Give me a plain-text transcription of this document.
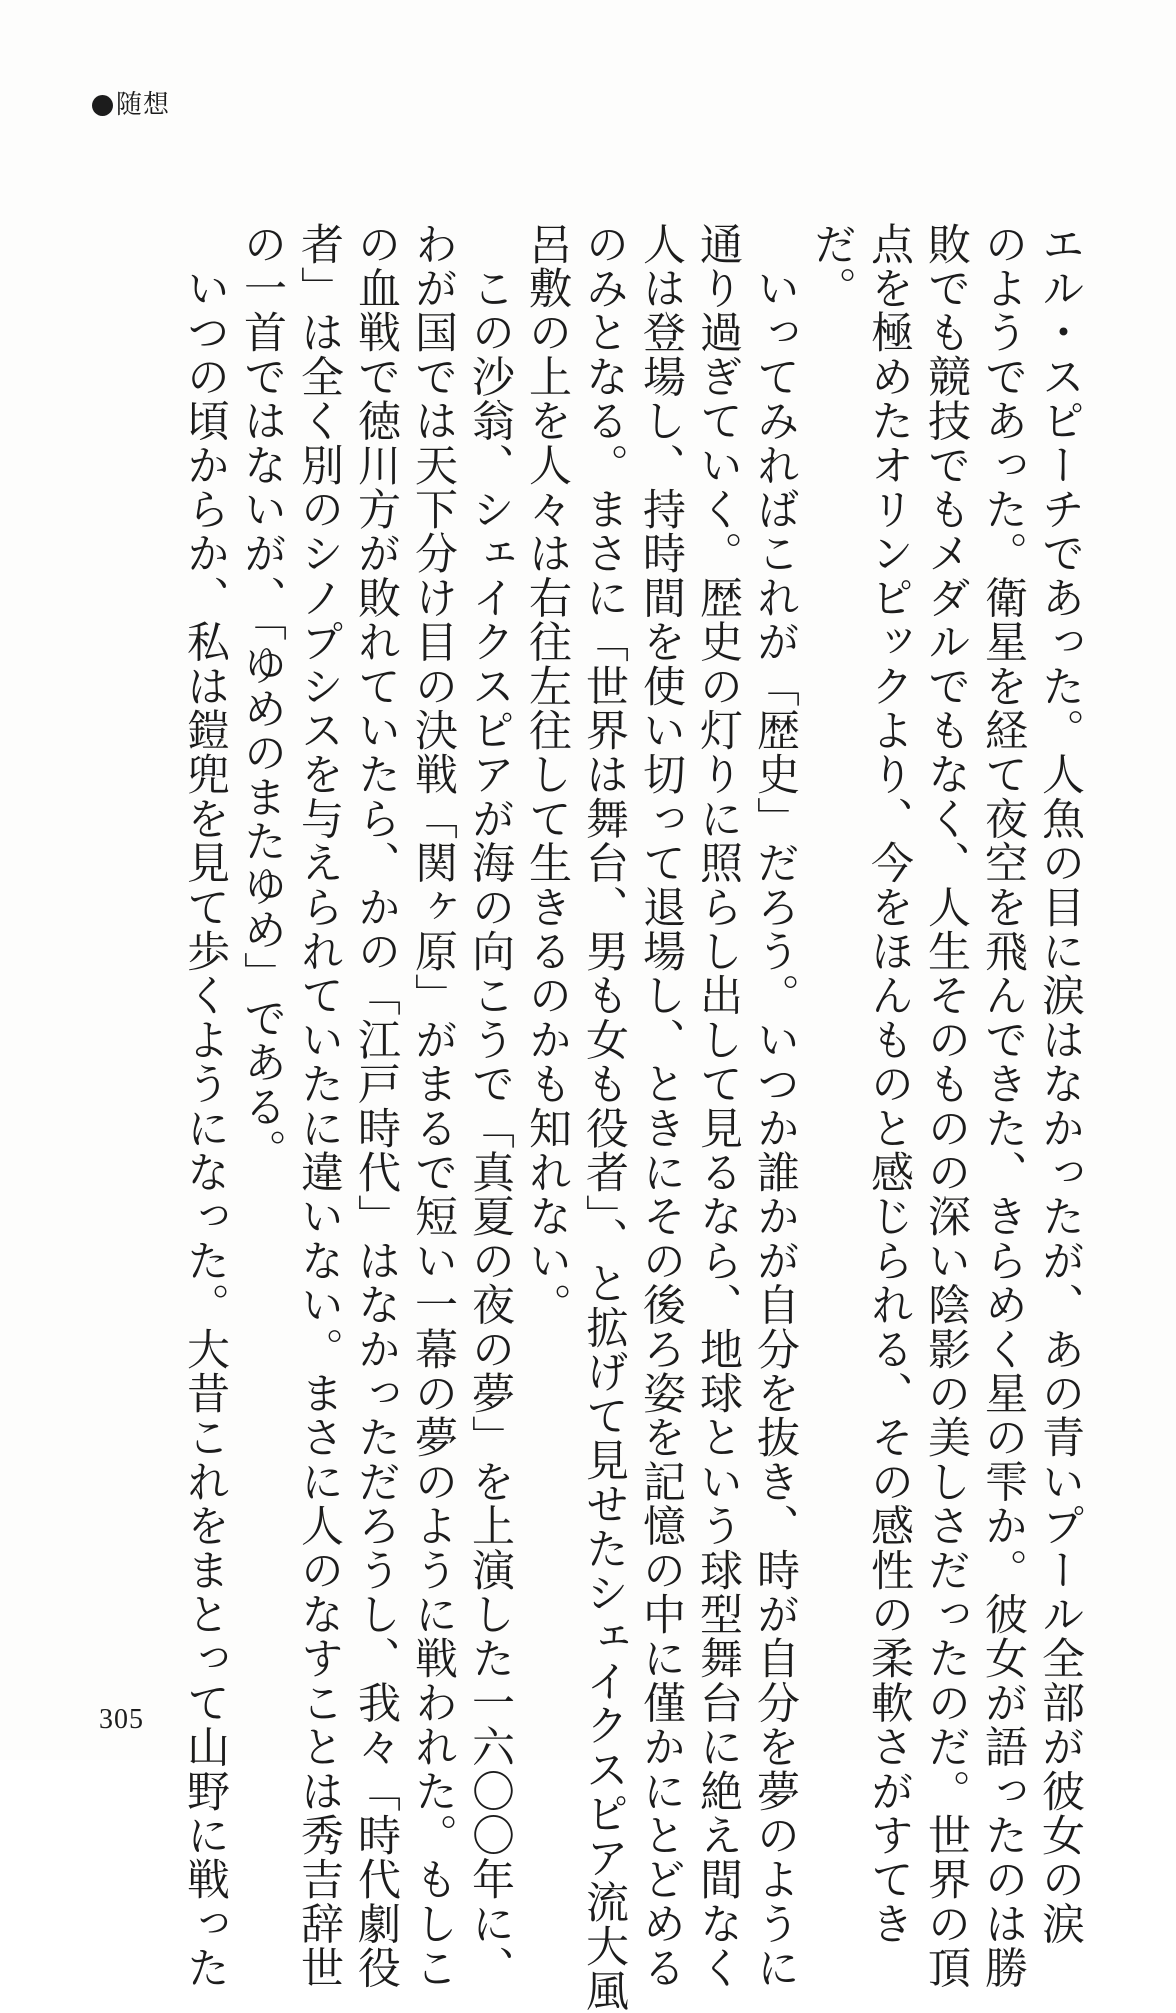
随想
エル・スピーチであった。人魚の目に涙はなかったが、あの青いプール全部が彼女の涙
のようであった。衛星を経て夜空を飛んできた、きらめく星の雫か。彼女が語ったのは勝
敗でも競技でもメダルでもなく、人生そのものの深い陰影の美しさだったのだ。世界の頂
点を極めたオリンピックより、今をほんものと感じられる、その感性の柔軟さがすてき
だ。
　いってみればこれが「歴史」だろう。いつか誰かが自分を抜き、時が自分を夢のように
通り過ぎていく。歴史の灯りに照らし出して見るなら、地球という球型舞台に絶え間なく
人は登場し、持時間を使い切って退場し、ときにその後ろ姿を記憶の中に僅かにとどめる
のみとなる。まさに「世界は舞台、男も女も役者」、と拡げて見せたシェイクスピア流大風
呂敷の上を人々は右往左往して生きるのかも知れない。
　この沙翁、シェイクスピアが海の向こうで「真夏の夜の夢」を上演した一六〇〇年に、
わが国では天下分け目の決戦「関ヶ原」がまるで短い一幕の夢のように戦われた。もしこ
の血戦で徳川方が敗れていたら、かの「江戸時代」はなかっただろうし、我々「時代劇役
者」は全く別のシノプシスを与えられていたに違いない。まさに人のなすことは秀吉辞世
の一首ではないが、「ゆめのまたゆめ」である。
　いつの頃からか、私は鎧兜を見て歩くようになった。大昔これをまとって山野に戦った
305
